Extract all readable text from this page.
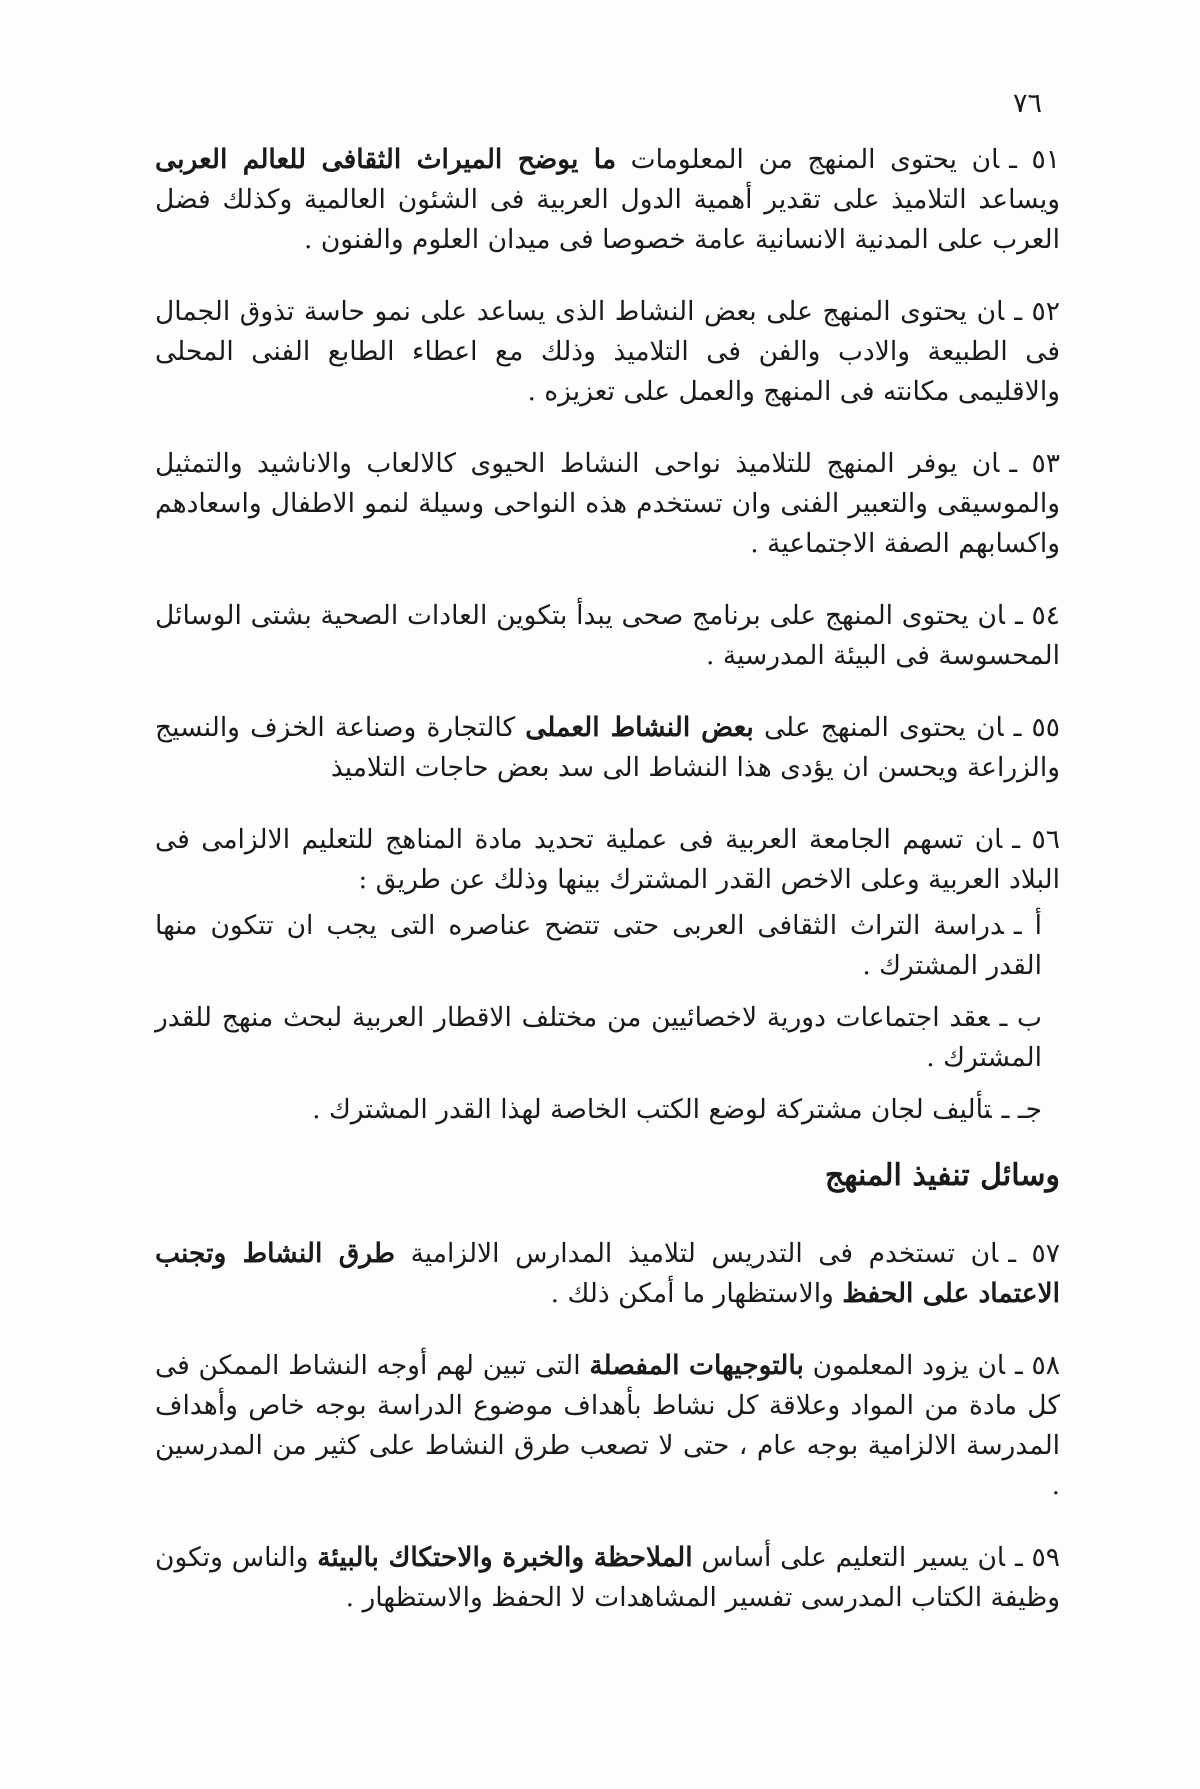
٧٦

٥١ ـان يحتوى المنهج من المعلومات ما يوضح الميراث الثقافى للعالم العربى ويساعد التلاميذ على تقدير أهمية الدول العربية فى الشئون العالمية وكذلك فضل العرب على المدنية الانسانية عامة خصوصا فى ميدان العلوم والفنون .

٥٢ ـان يحتوى المنهج على بعض النشاط الذى يساعد على نمو حاسة تذوق الجمال فى الطبيعة والادب والفن فى التلاميذ وذلك مع اعطاء الطابع الفنى المحلى والاقليمى مكانته فى المنهج والعمل على تعزيزه .

٥٣ ـان يوفر المنهج للتلاميذ نواحى النشاط الحيوى كالالعاب والاناشيد والتمثيل والموسيقى والتعبير الفنى وان تستخدم هذه النواحى وسيلة لنمو الاطفال واسعادهم واكسابهم الصفة الاجتماعية .

٥٤ ـان يحتوى المنهج على برنامج صحى يبدأ بتكوين العادات الصحية بشتى الوسائل المحسوسة فى البيئة المدرسية .

٥٥ ـان يحتوى المنهج على بعض النشاط العملى كالتجارة وصناعة الخزف والنسيج والزراعة ويحسن ان يؤدى هذا النشاط الى سد بعض حاجات التلاميذ

٥٦ ـان تسهم الجامعة العربية فى عملية تحديد مادة المناهج للتعليم الالزامى فى البلاد العربية وعلى الاخص القدر المشترك بينها وذلك عن طريق :

أ ـدراسة التراث الثقافى العربى حتى تتضح عناصره التى يجب ان تتكون منها القدر المشترك .

ب ـعقد اجتماعات دورية لاخصائيين من مختلف الاقطار العربية لبحث منهج للقدر المشترك .

جـ ـتأليف لجان مشتركة لوضع الكتب الخاصة لهذا القدر المشترك .

وسائل تنفيذ المنهج

٥٧ ـان تستخدم فى التدريس لتلاميذ المدارس الالزامية طرق النشاط وتجنب الاعتماد على الحفظ والاستظهار ما أمكن ذلك .

٥٨ ـان يزود المعلمون بالتوجيهات المفصلة التى تبين لهم أوجه النشاط الممكن فى كل مادة من المواد وعلاقة كل نشاط بأهداف موضوع الدراسة بوجه خاص وأهداف المدرسة الالزامية بوجه عام ، حتى لا تصعب طرق النشاط على كثير من المدرسين .

٥٩ ـان يسير التعليم على أساس الملاحظة والخبرة والاحتكاك بالبيئة والناس وتكون وظيفة الكتاب المدرسى تفسير المشاهدات لا الحفظ والاستظهار .
